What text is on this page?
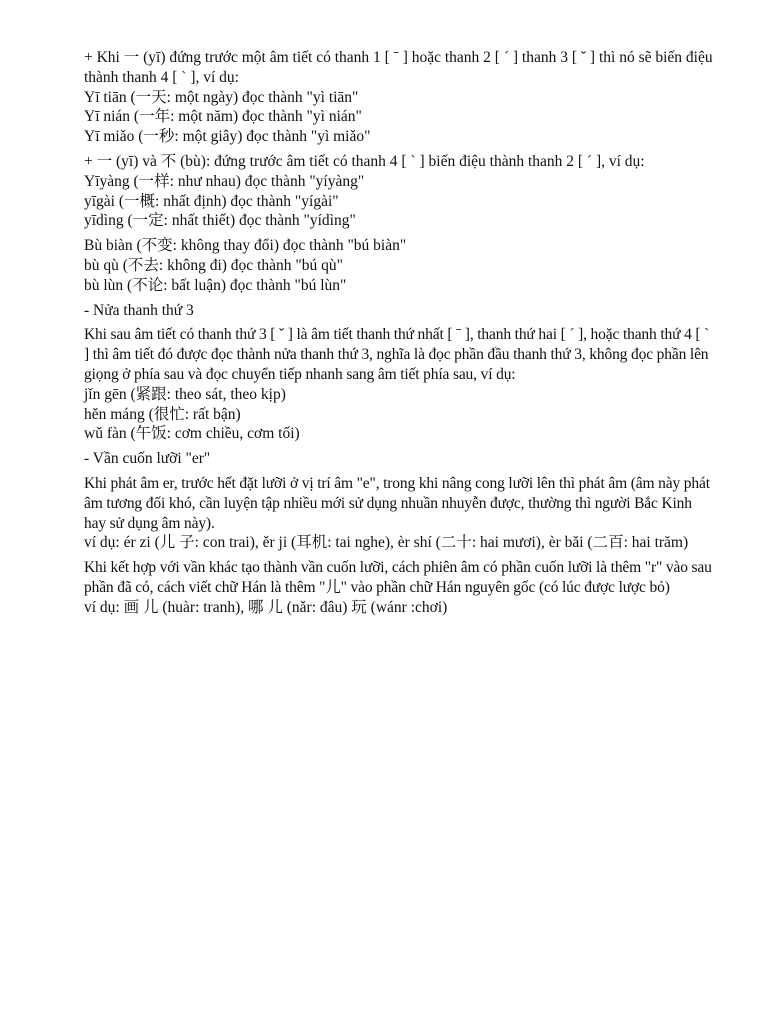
+ Khi 一 (yī) đứng trước một âm tiết có thanh 1 [ ˉ ] hoặc thanh 2 [ ˊ ] thanh 3 [ ˇ ] thì nó sẽ biến điệu thành thanh 4 [ ˋ ], ví dụ:
Yī tiān (一天: một ngày) đọc thành "yì tiān"
Yī nián (一年: một năm) đọc thành "yì nián"
Yī miǎo (一秒: một giây) đọc thành "yì miǎo"
+ 一 (yī) và 不 (bù): đứng trước âm tiết có thanh 4 [ ˋ ] biến điệu thành thanh 2 [ ˊ ], ví dụ:
Yīyàng (一样: như nhau) đọc thành "yíyàng"
yīgài (一概: nhất định) đọc thành "yígài"
yīdìng (一定: nhất thiết) đọc thành "yídìng"
Bù biàn (不变: không thay đổi) đọc thành "bú biàn"
bù qù (不去: không đi) đọc thành "bú qù"
bù lùn (不论: bất luận) đọc thành "bú lùn"
- Nửa thanh thứ 3
Khi sau âm tiết có thanh thứ 3 [ ˇ ] là âm tiết thanh thứ nhất [ ˉ ], thanh thứ hai [ ˊ ], hoặc thanh thứ 4 [ ˋ ] thì âm tiết đó được đọc thành nửa thanh thứ 3, nghĩa là đọc phần đầu thanh thứ 3, không đọc phần lên giọng ở phía sau và đọc chuyển tiếp nhanh sang âm tiết phía sau, ví dụ:
jǐn gēn (紧跟: theo sát, theo kịp)
hěn máng (很忙: rất bận)
wǔ fàn (午饭: cơm chiều, cơm tối)
- Vần cuốn lưỡi "er"
Khi phát âm er, trước hết đặt lưỡi ở vị trí âm "e", trong khi nâng cong lưỡi lên thì phát âm (âm này phát âm tương đối khó, cần luyện tập nhiều mới sử dụng nhuần nhuyễn được, thường thì người Bắc Kinh hay sử dụng âm này).
ví dụ: ér zi (儿 子: con trai), ěr ji (耳机: tai nghe), èr shí (二十: hai mươi), èr bǎi (二百: hai trăm)
Khi kết hợp với vần khác tạo thành vần cuốn lưỡi, cách phiên âm có phần cuốn lưỡi là thêm "r" vào sau phần đã có, cách viết chữ Hán là thêm "儿" vào phần chữ Hán nguyên gốc (có lúc được lược bỏ)
ví dụ: 画 儿 (huàr: tranh), 哪 儿 (nǎr: đâu) 玩 (wánr :chơi)
